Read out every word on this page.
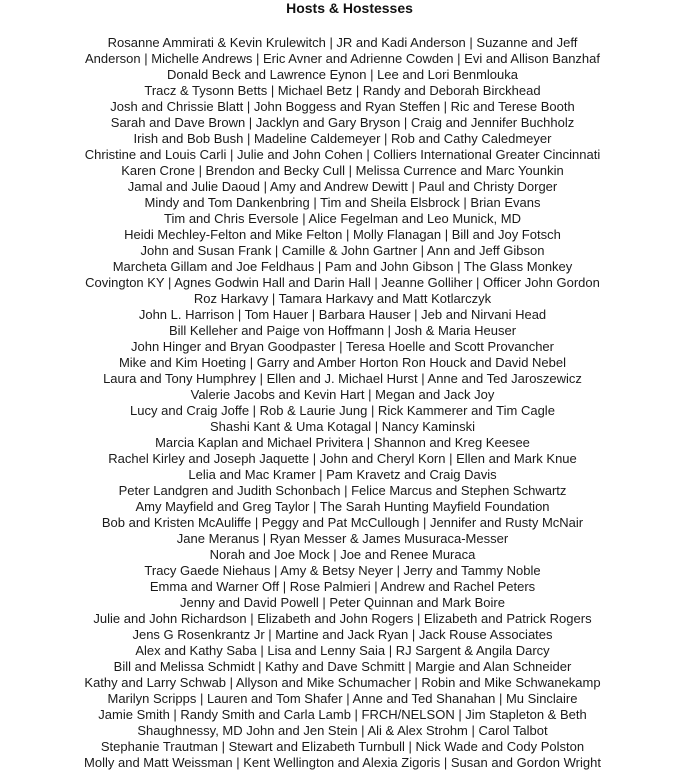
Hosts & Hostesses
Rosanne Ammirati & Kevin Krulewitch | JR and Kadi Anderson | Suzanne and Jeff
Anderson | Michelle Andrews | Eric Avner and Adrienne Cowden | Evi and Allison Banzhaf
Donald Beck and Lawrence Eynon | Lee and Lori Benmlouka
Tracz & Tysonn Betts | Michael Betz | Randy and Deborah Birckhead
Josh and Chrissie Blatt | John Boggess and Ryan Steffen | Ric and Terese Booth
Sarah and Dave Brown | Jacklyn and Gary Bryson | Craig and Jennifer Buchholz
Irish and Bob Bush | Madeline Caldemeyer | Rob and Cathy Caledmeyer
Christine and Louis Carli | Julie and John Cohen | Colliers International Greater Cincinnati
Karen Crone | Brendon and Becky Cull | Melissa Currence and Marc Younkin
Jamal and Julie Daoud | Amy and Andrew Dewitt | Paul and Christy Dorger
Mindy and Tom Dankenbring | Tim and Sheila Elsbrock | Brian Evans
Tim and Chris Eversole | Alice Fegelman and Leo Munick, MD
Heidi Mechley-Felton and Mike Felton | Molly Flanagan | Bill and Joy Fotsch
John and Susan Frank | Camille & John Gartner | Ann and Jeff Gibson
Marcheta Gillam and Joe Feldhaus | Pam and John Gibson | The Glass Monkey
Covington KY | Agnes Godwin Hall and Darin Hall | Jeanne Golliher | Officer John Gordon
Roz Harkavy | Tamara Harkavy and Matt Kotlarczyk
John L. Harrison | Tom Hauer | Barbara Hauser | Jeb and Nirvani Head
Bill Kelleher and Paige von Hoffmann | Josh & Maria Heuser
John Hinger and Bryan Goodpaster | Teresa Hoelle and Scott Provancher
Mike and Kim Hoeting | Garry and Amber Horton Ron Houck and David Nebel
Laura and Tony Humphrey | Ellen and J. Michael Hurst | Anne and Ted Jaroszewicz
Valerie Jacobs and Kevin Hart | Megan and Jack Joy
Lucy and Craig Joffe | Rob & Laurie Jung | Rick Kammerer and Tim Cagle
Shashi Kant & Uma Kotagal | Nancy Kaminski
Marcia Kaplan and Michael Privitera | Shannon and Kreg Keesee
Rachel Kirley and Joseph Jaquette | John and Cheryl Korn | Ellen and Mark Knue
Lelia and Mac Kramer | Pam Kravetz and Craig Davis
Peter Landgren and Judith Schonbach | Felice Marcus and Stephen Schwartz
Amy Mayfield and Greg Taylor | The Sarah Hunting Mayfield Foundation
Bob and Kristen McAuliffe | Peggy and Pat McCullough | Jennifer and Rusty McNair
Jane Meranus | Ryan Messer & James Musuraca-Messer
Norah and Joe Mock | Joe and Renee Muraca
Tracy Gaede Niehaus | Amy & Betsy Neyer | Jerry and Tammy Noble
Emma and Warner Off | Rose Palmieri | Andrew and Rachel Peters
Jenny and David Powell | Peter Quinnan and Mark Boire
Julie and John Richardson | Elizabeth and John Rogers | Elizabeth and Patrick Rogers
Jens G Rosenkrantz Jr | Martine and Jack Ryan | Jack Rouse Associates
Alex and Kathy Saba | Lisa and Lenny Saia | RJ Sargent & Angila Darcy
Bill and Melissa Schmidt | Kathy and Dave Schmitt | Margie and Alan Schneider
Kathy and Larry Schwab | Allyson and Mike Schumacher | Robin and Mike Schwanekamp
Marilyn Scripps | Lauren and Tom Shafer | Anne and Ted Shanahan | Mu Sinclaire
Jamie Smith | Randy Smith and Carla Lamb | FRCH/NELSON | Jim Stapleton & Beth
Shaughnessy, MD John and Jen Stein | Ali & Alex Strohm | Carol Talbot
Stephanie Trautman | Stewart and Elizabeth Turnbull | Nick Wade and Cody Polston
Molly and Matt Weissman | Kent Wellington and Alexia Zigoris | Susan and Gordon Wright
